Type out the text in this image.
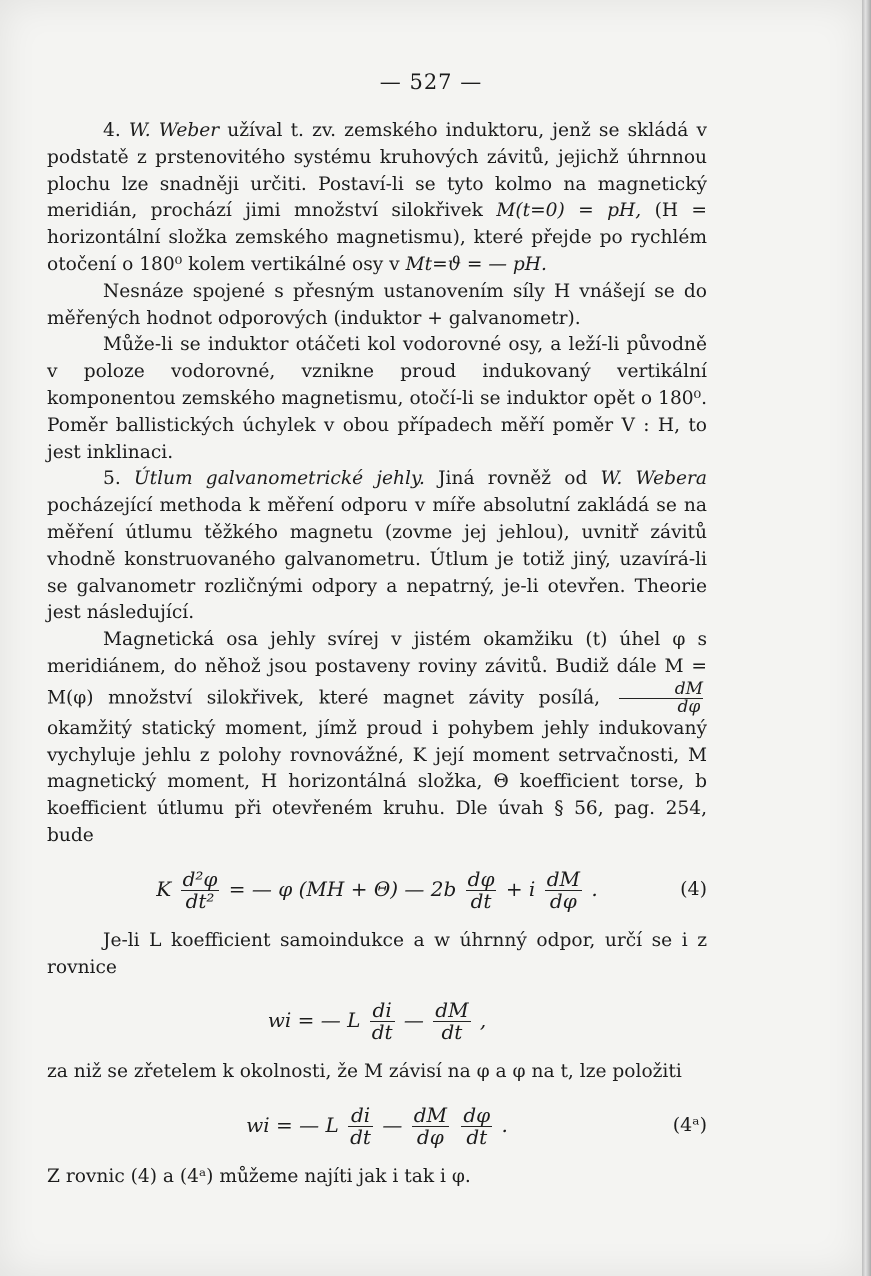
— 527 —

4. W. Weber užíval t. zv. zemského induktoru, jenž se skládá v podstatě z prstenovitého systému kruhových závitů, jejichž úhrnnou plochu lze snadněji určiti. Postaví-li se tyto kolmo na magnetický meridián, prochází jimi množství silokřivek M(t=0) = pH, (H = horizontální složka zemského magnetismu), které přejde po rychlém otočení o 180⁰ kolem vertikálné osy v Mt=ϑ = — pH.

Nesnáze spojené s přesným ustanovením síly H vnášejí se do měřených hodnot odporových (induktor + galvanometr).

Může-li se induktor otáčeti kol vodorovné osy, a leží-li původně v poloze vodorovné, vznikne proud indukovaný vertikální komponentou zemského magnetismu, otočí-li se induktor opět o 180⁰. Poměr ballistických úchylek v obou případech měří poměr V : H, to jest inklinaci.

5. Útlum galvanometrické jehly. Jiná rovněž od W. Webera pocházející methoda k měření odporu v míře absolutní zakládá se na měření útlumu těžkého magnetu (zovme jej jehlou), uvnitř závitů vhodně konstruovaného galvanometru. Útlum je totiž jiný, uzavírá-li se galvanometr rozličnými odpory a nepatrný, je-li otevřen. Theorie jest následující.

Magnetická osa jehly svírej v jistém okamžiku (t) úhel φ s meridiánem, do něhož jsou postaveny roviny závitů. Budiž dále M = M(φ) množství silokřivek, které magnet závity posílá, $\frac{dM}{d\varphi}$
okamžitý statický moment, jímž proud i pohybem jehly indukovaný vychyluje jehlu z polohy rovnovážné, K její moment setrvačnosti, M magnetický moment, H horizontálná složka, Θ koefficient torse, b koefficient útlumu při otevřeném kruhu. Dle úvah § 56, pag. 254, bude

K $\frac{\text{d²φ}}{\text{dt²}}$ = — φ (MH + Θ) — $2b \frac{d\varphi}{dt} + i \frac{dM}{d\varphi}$ .	(4)

Je-li L koefficient samoindukce a w úhrnný odpor, určí se i z rovnice

wi = — L $\frac{di}{dt}$ — $\frac{dM}{dt}$ ,

za niž se zřetelem k okolnosti, že M závisí na φ a φ na t, lze položiti

wi = — L $\frac{di}{dt}$ — $\frac{dM}{d\varphi}$
$\frac{d\varphi}{dt}$ .	(4ᵃ)

Z rovnic (4) a (4ᵃ) můžeme najíti jak i tak i φ.
